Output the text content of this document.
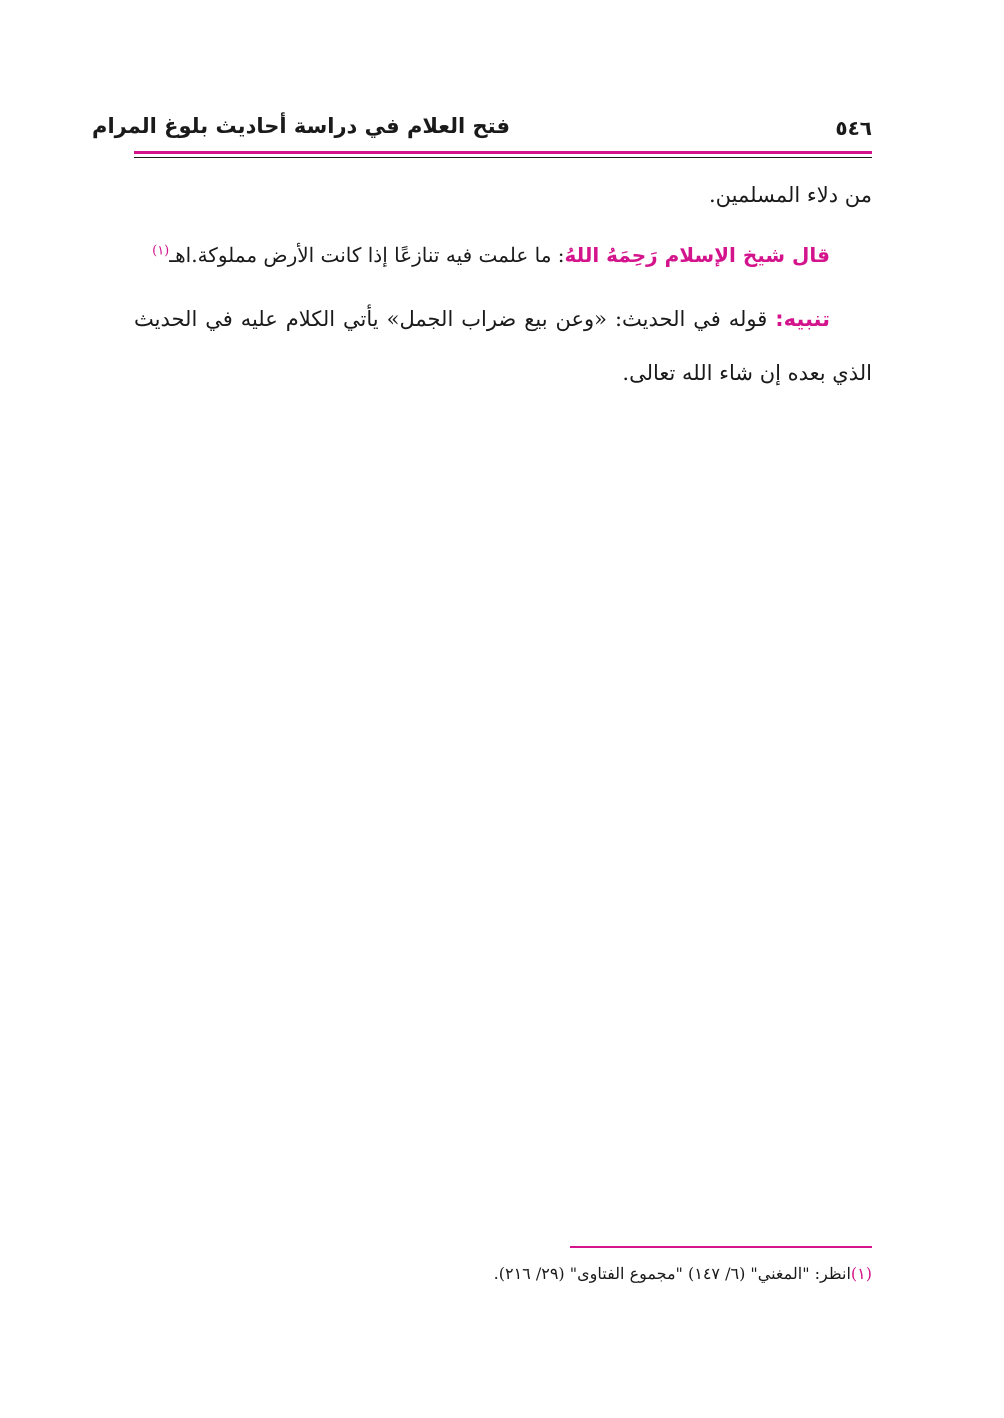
فتح العلام في دراسة أحاديث بلوغ المرام	٥٤٦
من دلاء المسلمين.
قال شيخ الإسلام رَحِمَهُ اللهُ: ما علمت فيه تنازعًا إذا كانت الأرض مملوكة.اهـ$^{(١)}$
تنبيه: قوله في الحديث: «وعن بيع ضراب الجمل» يأتي الكلام عليه في الحديث الذي بعده إن شاء الله تعالى.
(١)انظر: "المغني" (٦/ ١٤٧) "مجموع الفتاوى" (٢٩/ ٢١٦).
